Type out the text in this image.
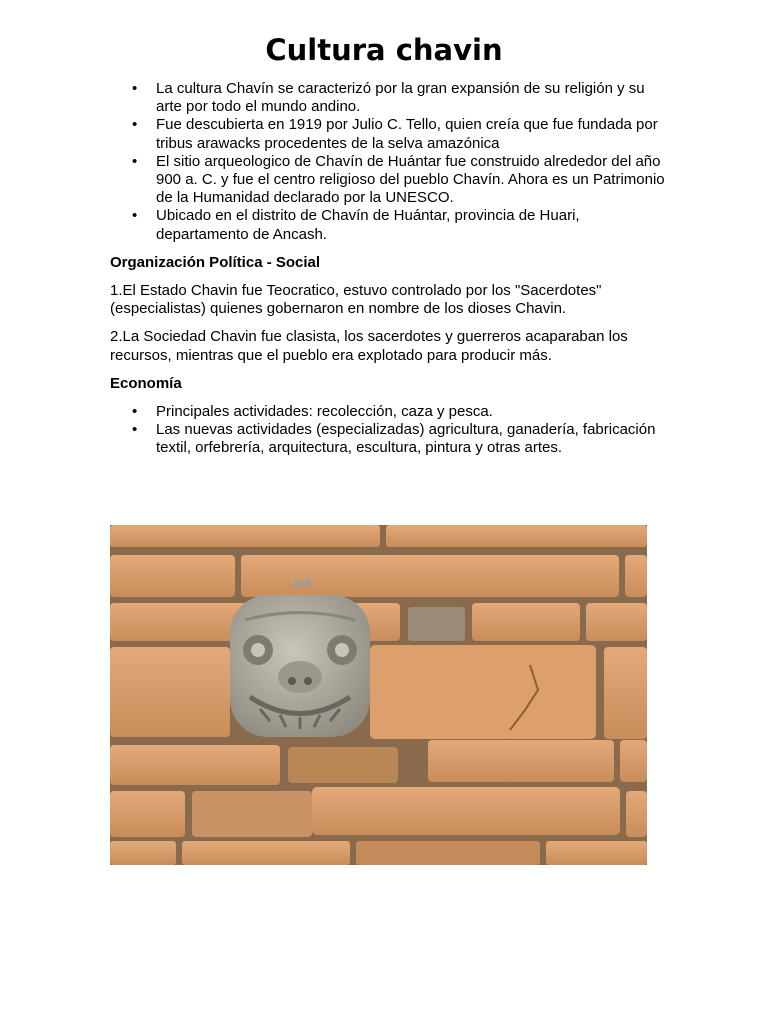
Cultura chavin
• La cultura Chavín se caracterizó por la gran expansión de su religión y su arte por todo el mundo andino.
• Fue descubierta en 1919 por Julio C. Tello, quien creía que fue fundada por tribus arawacks procedentes de la selva amazónica
• El sitio arqueologico de Chavín de Huántar fue construido alrededor del año 900 a. C. y fue el centro religioso del pueblo Chavín. Ahora es un Patrimonio de la Humanidad declarado por la UNESCO.
• Ubicado en el distrito de Chavín de Huántar, provincia de Huari, departamento de Ancash.

Organización Política - Social

1.El Estado Chavin fue Teocratico, estuvo controlado por los "Sacerdotes"(especialistas) quienes gobernaron en nombre de los dioses Chavin.

2.La Sociedad Chavin fue clasista, los sacerdotes y guerreros acaparaban los recursos, mientras que el pueblo era explotado para producir más.

Economía

• Principales actividades: recolección, caza y pesca.
• Las nuevas actividades (especializadas) agricultura, ganadería, fabricación textil, orfebrería, arquitectura, escultura, pintura y otras artes.
